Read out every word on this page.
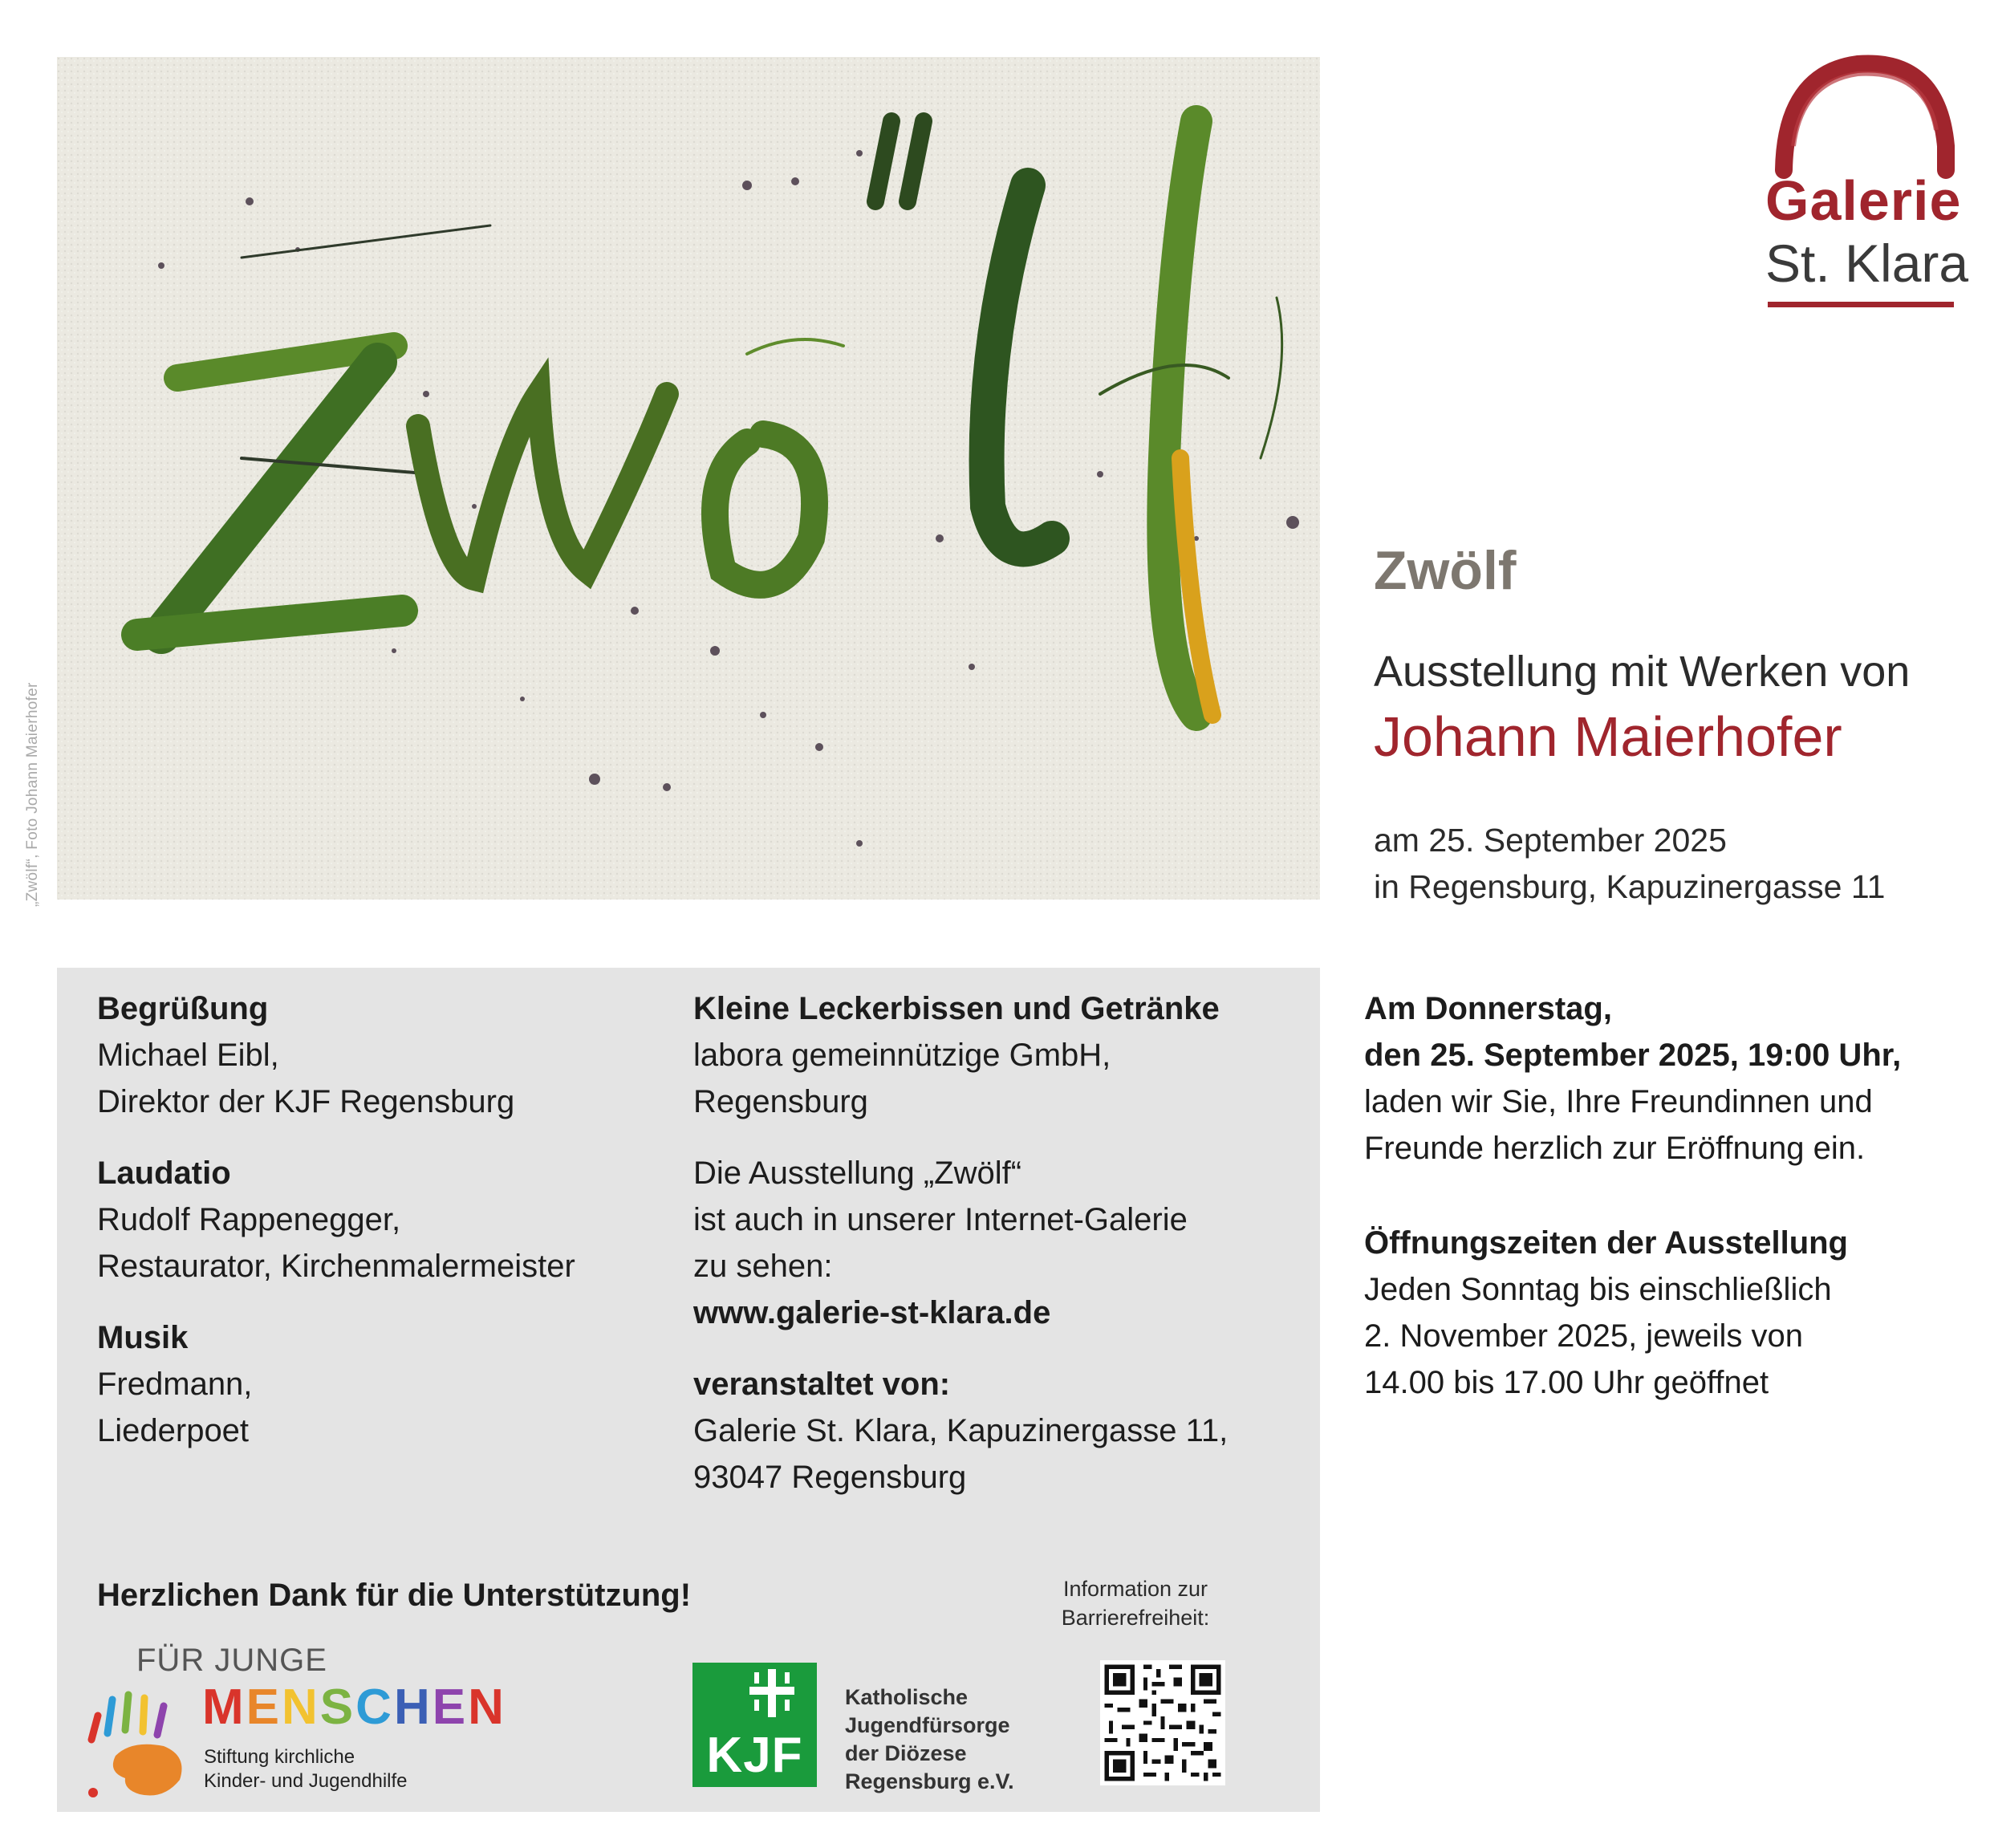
„Zwölf“, Foto Johann Maierhofer
Galerie
St. Klara
Zwölf
Ausstellung mit Werken von
Johann Maierhofer
am 25. September 2025
in Regensburg, Kapuzinergasse 11
Am Donnerstag,
den 25. September 2025, 19:00 Uhr,
laden wir Sie, Ihre Freundinnen und
Freunde herzlich zur Eröffnung ein.
Öffnungszeiten der Ausstellung
Jeden Sonntag bis einschließlich
2. November 2025, jeweils von
14.00 bis 17.00 Uhr geöffnet
Begrüßung
Michael Eibl,
Direktor der KJF Regensburg
Laudatio
Rudolf Rappenegger,
Restaurator, Kirchenmalermeister
Musik
Fredmann,
Liederpoet
Kleine Leckerbissen und Getränke
labora gemeinnützige GmbH,
Regensburg
Die Ausstellung „Zwölf“
ist auch in unserer Internet-Galerie
zu sehen:
www.galerie-st-klara.de
veranstaltet von:
Galerie St. Klara, Kapuzinergasse 11,
93047 Regensburg
Herzlichen Dank für die Unterstützung!	Information zur
Barrierefreiheit:
FÜR JUNGE
MENSCHEN
Stiftung kirchliche
Kinder- und Jugendhilfe	KJF
Katholische
Jugendfürsorge
der Diözese
Regensburg e.V.
